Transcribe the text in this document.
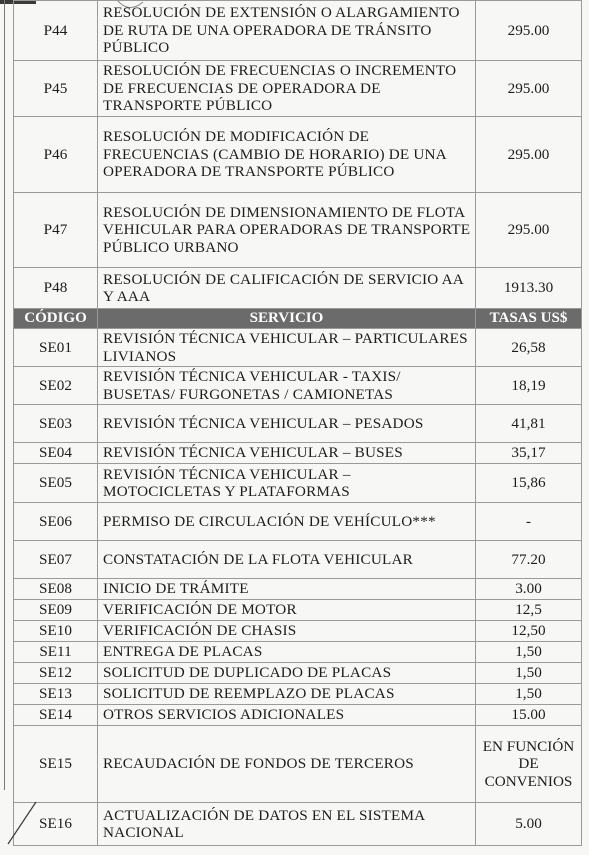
P44	RESOLUCIÓN DE EXTENSIÓN O ALARGAMIENTO DE RUTA DE UNA OPERADORA DE TRÁNSITO PÚBLICO	295.00
P45	RESOLUCIÓN DE FRECUENCIAS O INCREMENTO DE FRECUENCIAS DE OPERADORA DE TRANSPORTE PÚBLICO	295.00
P46	RESOLUCIÓN DE MODIFICACIÓN DE FRECUENCIAS (CAMBIO DE HORARIO) DE UNA OPERADORA DE TRANSPORTE PÚBLICO	295.00
P47	RESOLUCIÓN DE DIMENSIONAMIENTO DE FLOTA VEHICULAR PARA OPERADORAS DE TRANSPORTE PÚBLICO URBANO	295.00
P48	RESOLUCIÓN DE CALIFICACIÓN DE SERVICIO AA Y AAA	1913.30
CÓDIGO	SERVICIO	TASAS US$
SE01	REVISIÓN TÉCNICA VEHICULAR – PARTICULARES LIVIANOS	26,58
SE02	REVISIÓN TÉCNICA VEHICULAR - TAXIS/ BUSETAS/ FURGONETAS / CAMIONETAS	18,19
SE03	REVISIÓN TÉCNICA VEHICULAR – PESADOS	41,81
SE04	REVISIÓN TÉCNICA VEHICULAR – BUSES	35,17
SE05	REVISIÓN TÉCNICA VEHICULAR – MOTOCICLETAS Y PLATAFORMAS	15,86
SE06	PERMISO DE CIRCULACIÓN DE VEHÍCULO***	-
SE07	CONSTATACIÓN DE LA FLOTA VEHICULAR	77.20
SE08	INICIO DE TRÁMITE	3.00
SE09	VERIFICACIÓN DE MOTOR	12,5
SE10	VERIFICACIÓN DE CHASIS	12,50
SE11	ENTREGA DE PLACAS	1,50
SE12	SOLICITUD DE DUPLICADO DE PLACAS	1,50
SE13	SOLICITUD DE REEMPLAZO DE PLACAS	1,50
SE14	OTROS SERVICIOS ADICIONALES	15.00
SE15	RECAUDACIÓN DE FONDOS DE TERCEROS	EN FUNCIÓN DE CONVENIOS
SE16	ACTUALIZACIÓN DE DATOS EN EL SISTEMA NACIONAL	5.00
